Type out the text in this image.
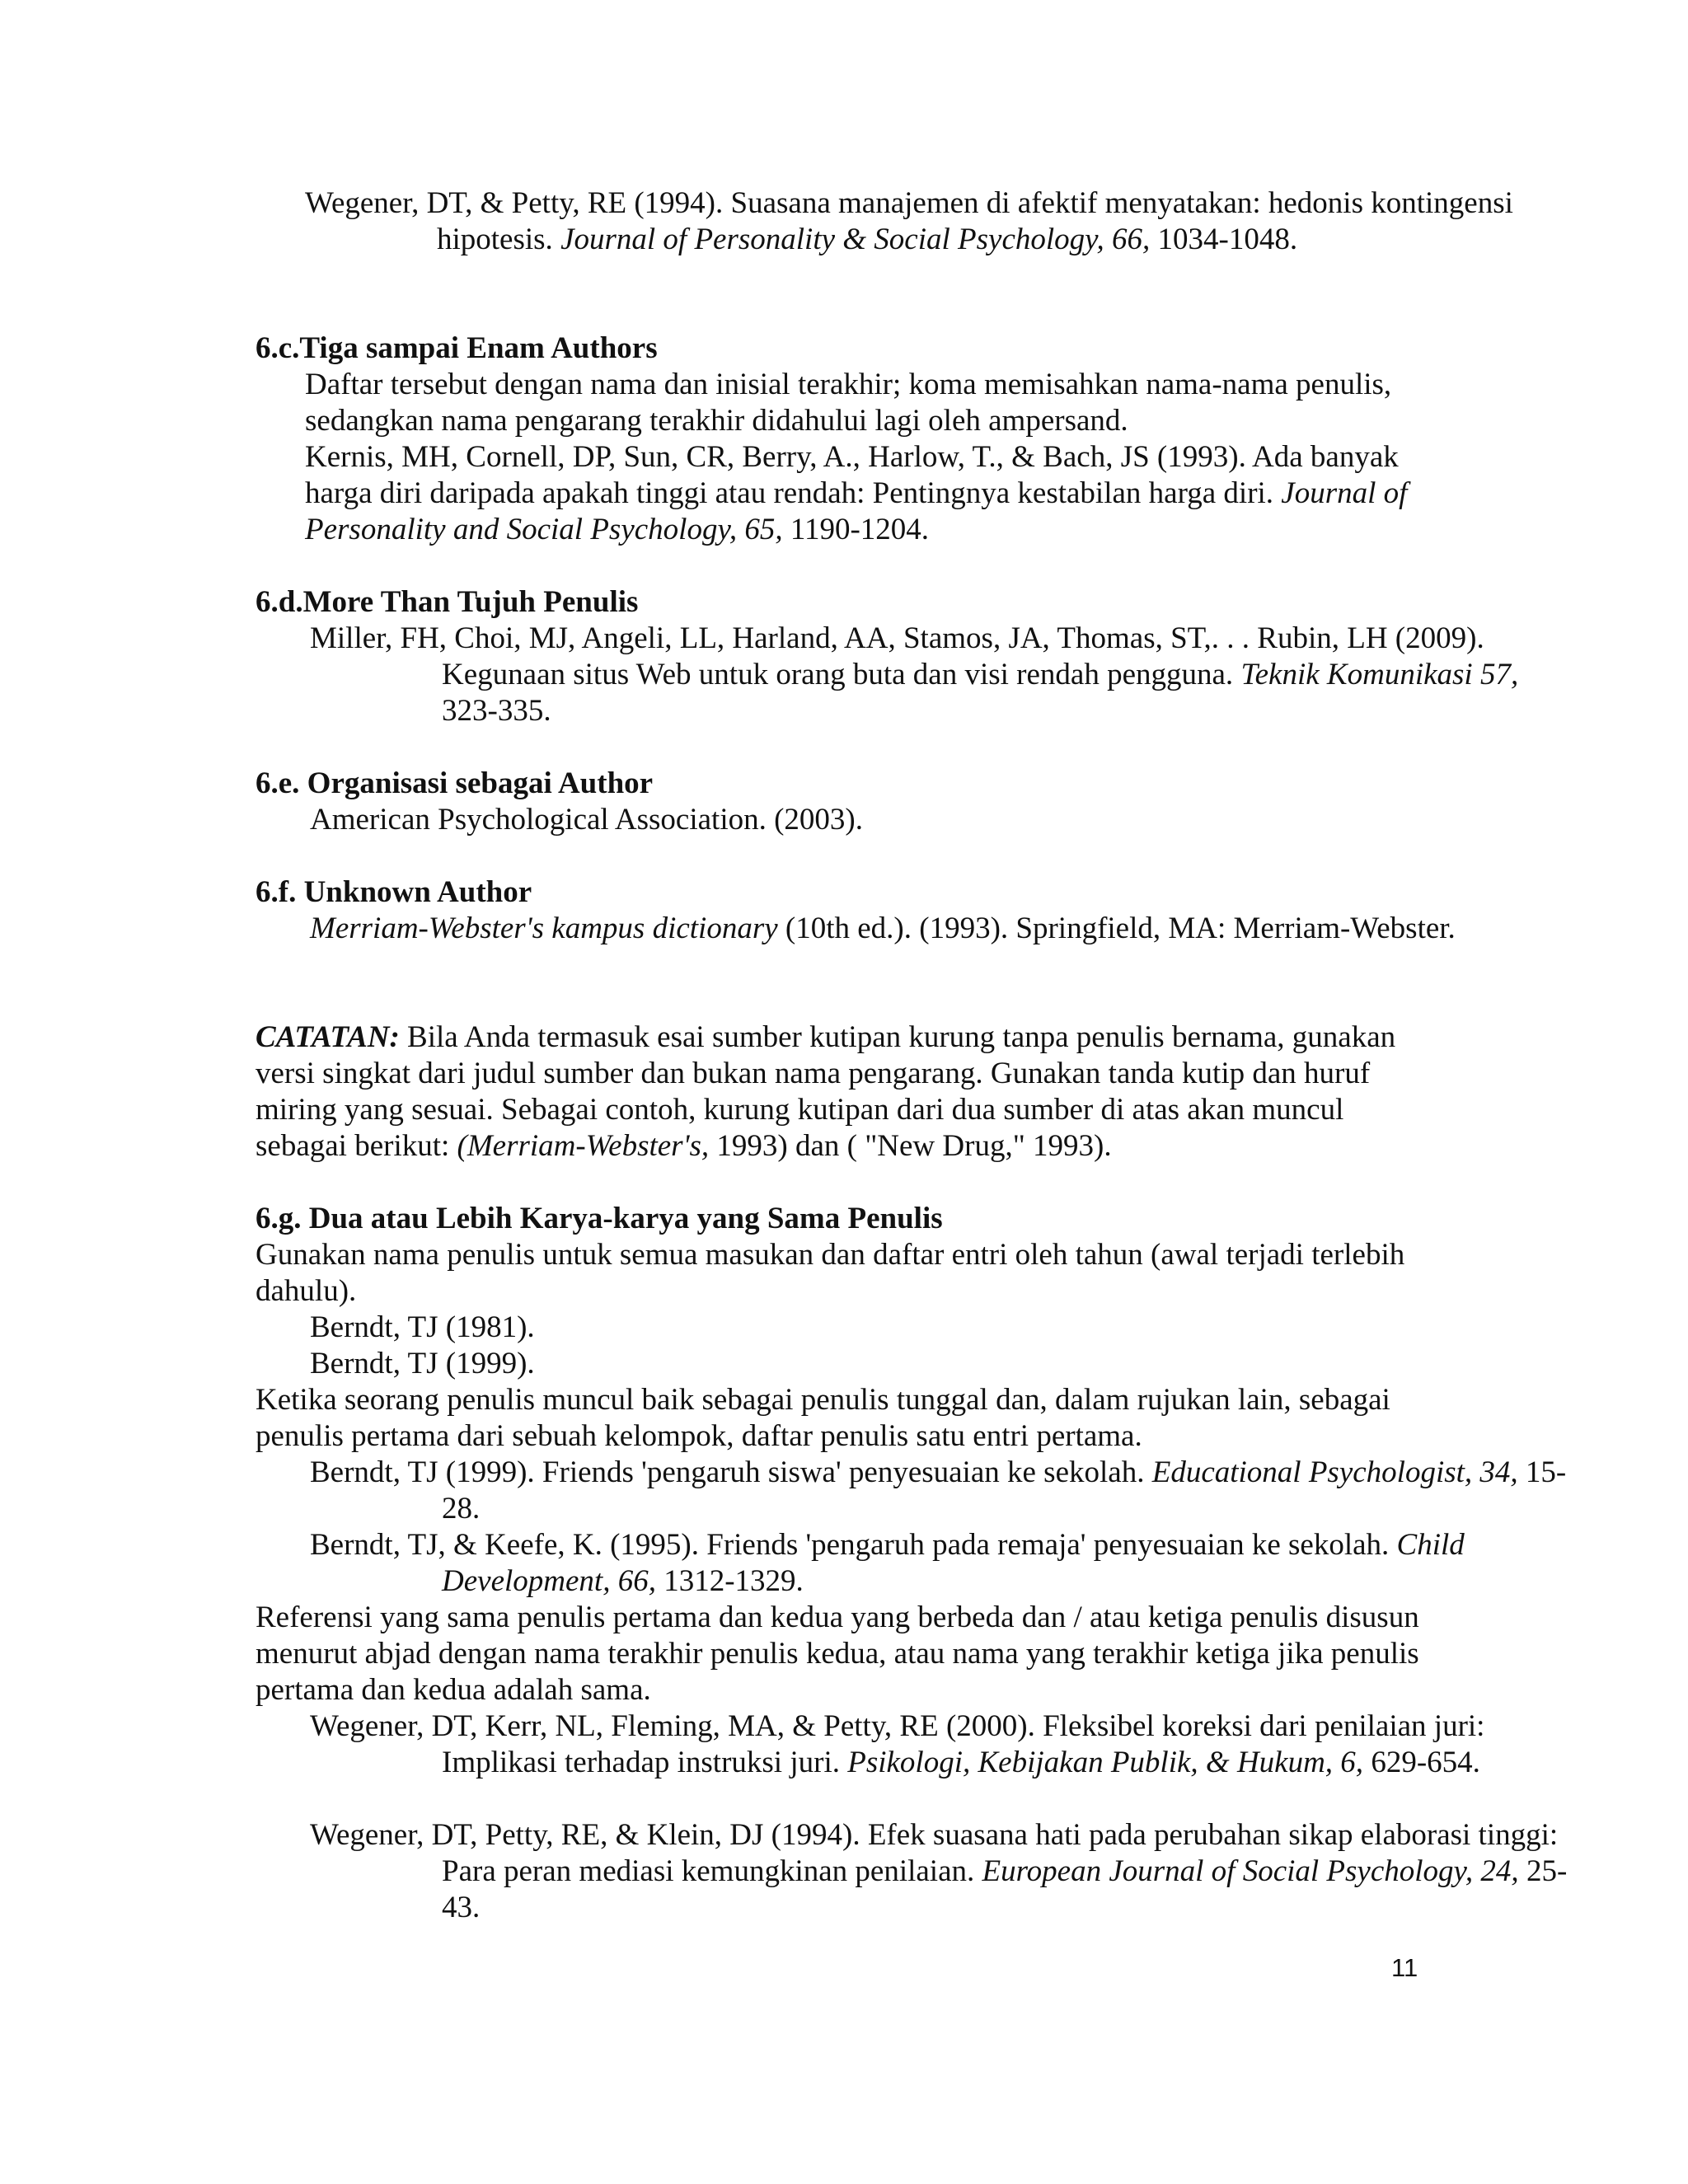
Wegener, DT, & Petty, RE (1994). Suasana manajemen di afektif menyatakan: hedonis kontingensi hipotesis. Journal of Personality & Social Psychology, 66, 1034-1048.
6.c.Tiga sampai Enam Authors
Daftar tersebut dengan nama dan inisial terakhir; koma memisahkan nama-nama penulis, sedangkan nama pengarang terakhir didahului lagi oleh ampersand.
Kernis, MH, Cornell, DP, Sun, CR, Berry, A., Harlow, T., & Bach, JS (1993). Ada banyak harga diri daripada apakah tinggi atau rendah: Pentingnya kestabilan harga diri. Journal of Personality and Social Psychology, 65, 1190-1204.
6.d.More Than Tujuh Penulis
Miller, FH, Choi, MJ, Angeli, LL, Harland, AA, Stamos, JA, Thomas, ST,. . . Rubin, LH (2009). Kegunaan situs Web untuk orang buta dan visi rendah pengguna. Teknik Komunikasi 57, 323-335.
6.e. Organisasi sebagai Author
American Psychological Association. (2003).
6.f. Unknown Author
Merriam-Webster's kampus dictionary (10th ed.). (1993). Springfield, MA: Merriam-Webster.
CATATAN: Bila Anda termasuk esai sumber kutipan kurung tanpa penulis bernama, gunakan versi singkat dari judul sumber dan bukan nama pengarang. Gunakan tanda kutip dan huruf miring yang sesuai. Sebagai contoh, kurung kutipan dari dua sumber di atas akan muncul sebagai berikut: (Merriam-Webster's, 1993) dan ( "New Drug," 1993).
6.g. Dua atau Lebih Karya-karya yang Sama Penulis
Gunakan nama penulis untuk semua masukan dan daftar entri oleh tahun (awal terjadi terlebih dahulu).
Berndt, TJ (1981).
Berndt, TJ (1999).
Ketika seorang penulis muncul baik sebagai penulis tunggal dan, dalam rujukan lain, sebagai penulis pertama dari sebuah kelompok, daftar penulis satu entri pertama.
Berndt, TJ (1999). Friends 'pengaruh siswa' penyesuaian ke sekolah. Educational Psychologist, 34, 15-28.
Berndt, TJ, & Keefe, K. (1995). Friends 'pengaruh pada remaja' penyesuaian ke sekolah. Child Development, 66, 1312-1329.
Referensi yang sama penulis pertama dan kedua yang berbeda dan / atau ketiga penulis disusun menurut abjad dengan nama terakhir penulis kedua, atau nama yang terakhir ketiga jika penulis pertama dan kedua adalah sama.
Wegener, DT, Kerr, NL, Fleming, MA, & Petty, RE (2000). Fleksibel koreksi dari penilaian juri: Implikasi terhadap instruksi juri. Psikologi, Kebijakan Publik, & Hukum, 6, 629-654.
Wegener, DT, Petty, RE, & Klein, DJ (1994). Efek suasana hati pada perubahan sikap elaborasi tinggi: Para peran mediasi kemungkinan penilaian. European Journal of Social Psychology, 24, 25-43.
11
